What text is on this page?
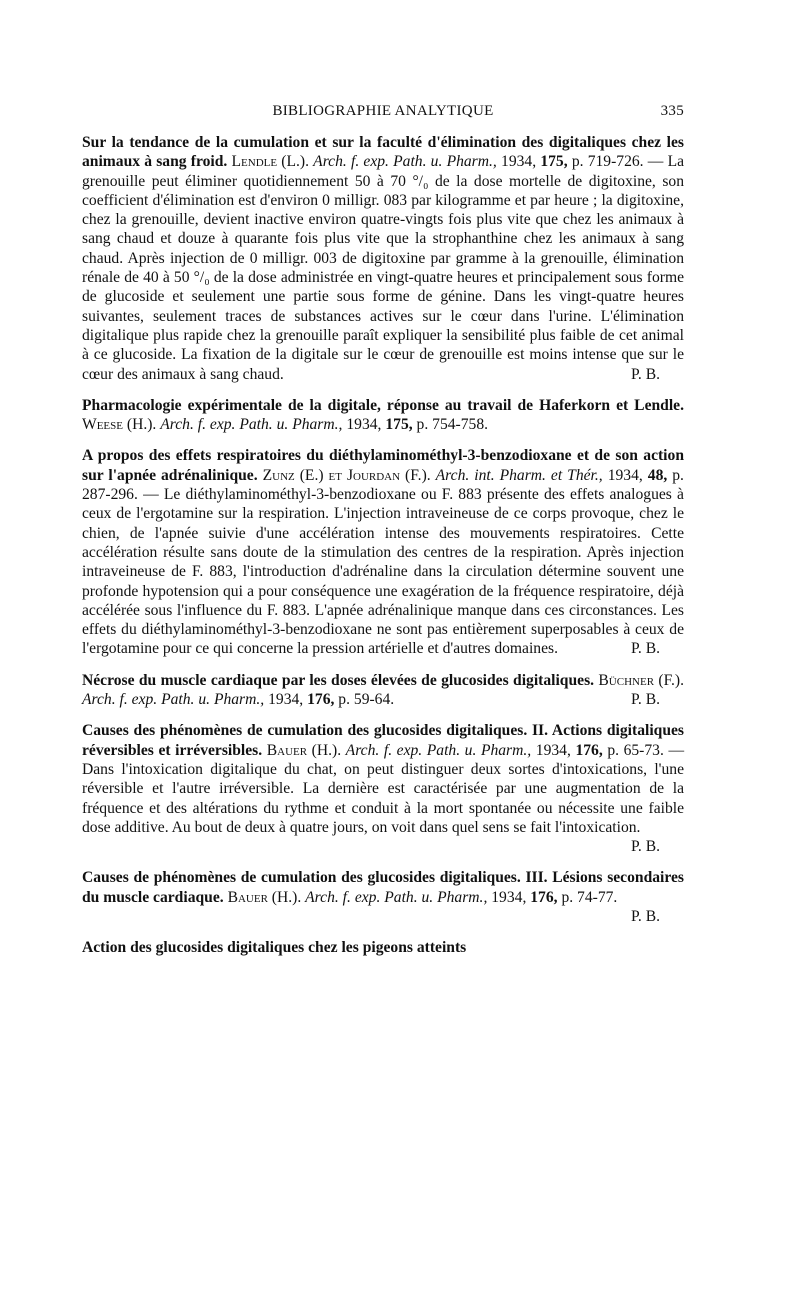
BIBLIOGRAPHIE ANALYTIQUE	335

Sur la tendance de la cumulation et sur la faculté d'élimination des digitaliques chez les animaux à sang froid. Lendle (L.). Arch. f. exp. Path. u. Pharm., 1934, 175, p. 719-726. — La grenouille peut éliminer quotidiennement 50 à 70 °/₀ de la dose mortelle de digitoxine, son coefficient d'élimination est d'environ 0 milligr. 083 par kilogramme et par heure ; la digitoxine, chez la grenouille, devient inactive environ quatre-vingts fois plus vite que chez les animaux à sang chaud et douze à quarante fois plus vite que la strophanthine chez les animaux à sang chaud. Après injection de 0 milligr. 003 de digitoxine par gramme à la grenouille, élimination rénale de 40 à 50 °/₀ de la dose administrée en vingt-quatre heures et principalement sous forme de glucoside et seulement une partie sous forme de génine. Dans les vingt-quatre heures suivantes, seulement traces de substances actives sur le cœur dans l'urine. L'élimination digitalique plus rapide chez la grenouille paraît expliquer la sensibilité plus faible de cet animal à ce glucoside. La fixation de la digitale sur le cœur de grenouille est moins intense que sur le cœur des animaux à sang chaud.	P. B.

Pharmacologie expérimentale de la digitale, réponse au travail de Haferkorn et Lendle. Weese (H.). Arch. f. exp. Path. u. Pharm., 1934, 175, p. 754-758.

A propos des effets respiratoires du diéthylaminométhyl-3-benzodioxane et de son action sur l'apnée adrénalinique. Zunz (E.) et Jourdan (F.). Arch. int. Pharm. et Thér., 1934, 48, p. 287-296. — Le diéthylaminométhyl-3-benzodioxane ou F. 883 présente des effets analogues à ceux de l'ergotamine sur la respiration. L'injection intraveineuse de ce corps provoque, chez le chien, de l'apnée suivie d'une accélération intense des mouvements respiratoires. Cette accélération résulte sans doute de la stimulation des centres de la respiration. Après injection intraveineuse de F. 883, l'introduction d'adrénaline dans la circulation détermine souvent une profonde hypotension qui a pour conséquence une exagération de la fréquence respiratoire, déjà accélérée sous l'influence du F. 883. L'apnée adrénalinique manque dans ces circonstances. Les effets du diéthylaminométhyl-3-benzodioxane ne sont pas entièrement superposables à ceux de l'ergotamine pour ce qui concerne la pression artérielle et d'autres domaines.	P. B.

Nécrose du muscle cardiaque par les doses élevées de glucosides digitaliques. Büchner (F.). Arch. f. exp. Path. u. Pharm., 1934, 176, p. 59-64.	P. B.

Causes des phénomènes de cumulation des glucosides digitaliques. II. Actions digitaliques réversibles et irréversibles. Bauer (H.). Arch. f. exp. Path. u. Pharm., 1934, 176, p. 65-73. — Dans l'intoxication digitalique du chat, on peut distinguer deux sortes d'intoxications, l'une réversible et l'autre irréversible. La dernière est caractérisée par une augmentation de la fréquence et des altérations du rythme et conduit à la mort spontanée ou nécessite une faible dose additive. Au bout de deux à quatre jours, on voit dans quel sens se fait l'intoxication.
P. B.

Causes de phénomènes de cumulation des glucosides digitaliques. III. Lésions secondaires du muscle cardiaque. Bauer (H.). Arch. f. exp. Path. u. Pharm., 1934, 176, p. 74-77.
P. B.

Action des glucosides digitaliques chez les pigeons atteints
